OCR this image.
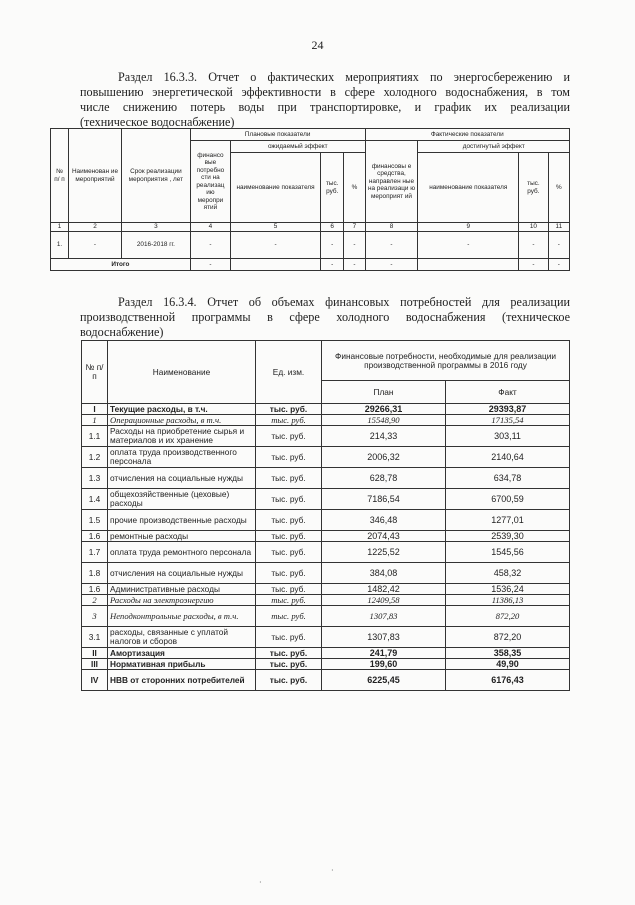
24
Раздел 16.3.3. Отчет о фактических мероприятиях по энергосбережению и
повышению энергетической эффективности в сфере холодного водоснабжения, в том
числе снижению потерь воды при транспортировке, и график их реализации
(техническое водоснабжение)
№ п/ п	Наименован ие мероприятий	Срок реализации мероприятия , лет	Плановые показатели				Фактические показатели			
			финансо вые потребно сти на реализац ию меропри ятий	ожидаемый эффект			финансовы е средства, направлен ные на реализаци ю мероприят ий	достигнутый эффект		
				наименование показателя	тыс. руб.	%		наименование показателя	тыс. руб.	%
1	2	3	4	5	6	7	8	9	10	11
1.	-	2016-2018 гг.	-	-	-	-	-	-	-	-
Итого			-		-	-	-		-	-
Раздел 16.3.4. Отчет об объемах финансовых потребностей для реализации
производственной программы в сфере холодного водоснабжения (техническое
водоснабжение)
№ п/п	Наименование	Ед. изм.	Финансовые потребности, необходимые для реализации производственной программы в 2016 году	
			План	Факт
I	Текущие расходы, в т.ч.	тыс. руб.	29266,31	29393,87
1	Операционные расходы, в т.ч.	тыс. руб.	15548,90	17135,54
1.1	Расходы на приобретение сырья и материалов и их хранение	тыс. руб.	214,33	303,11
1.2	оплата труда производственного персонала	тыс. руб.	2006,32	2140,64
1.3	отчисления на социальные нужды	тыс. руб.	628,78	634,78
1.4	общехозяйственные (цеховые) расходы	тыс. руб.	7186,54	6700,59
1.5	прочие производственные расходы	тыс. руб.	346,48	1277,01
1.6	ремонтные расходы	тыс. руб.	2074,43	2539,30
1.7	оплата труда ремонтного персонала	тыс. руб.	1225,52	1545,56
1.8	отчисления на социальные нужды	тыс. руб.	384,08	458,32
1.6	Административные расходы	тыс. руб.	1482,42	1536,24
2	Расходы на электроэнергию	тыс. руб.	12409,58	11386,13
3	Неподконтрольные расходы, в т.ч.	тыс. руб.	1307,83	872,20
3.1	расходы, связанные с уплатой налогов и сборов	тыс. руб.	1307,83	872,20
II	Амортизация	тыс. руб.	241,79	358,35
III	Нормативная прибыль	тыс. руб.	199,60	49,90
IV	НВВ от сторонних потребителей	тыс. руб.	6225,45	6176,43
·
·
